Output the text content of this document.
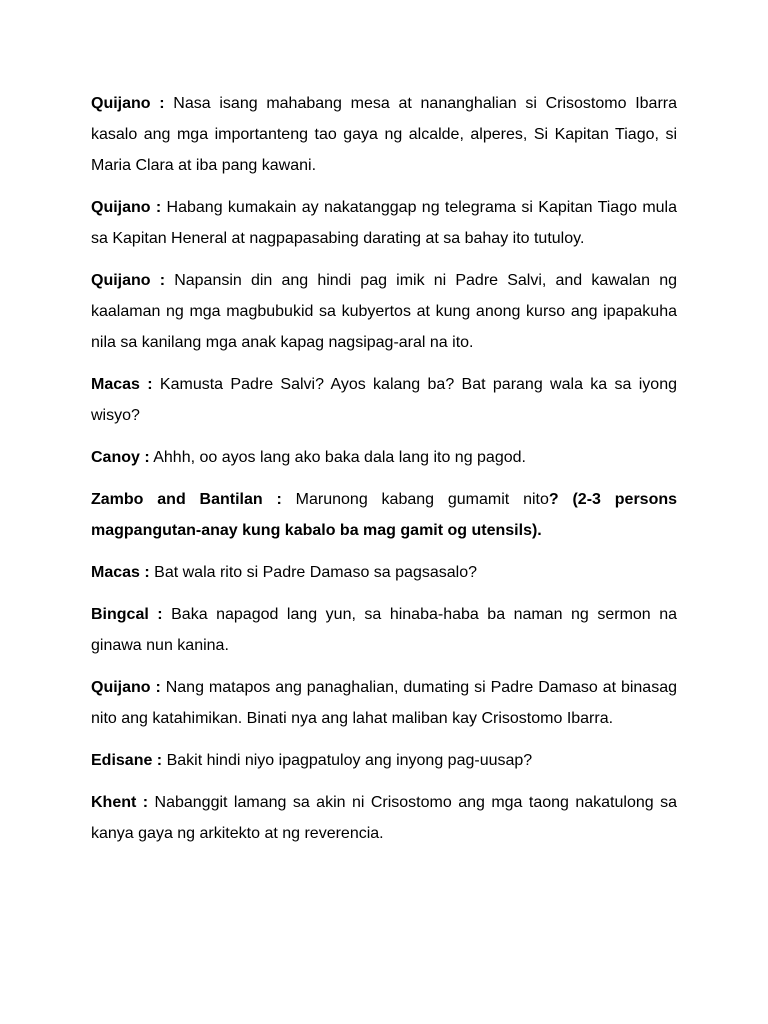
Quijano : Nasa isang mahabang mesa at nananghalian si Crisostomo Ibarra kasalo ang mga importanteng tao gaya ng alcalde, alperes, Si Kapitan Tiago, si Maria Clara at iba pang kawani.

Quijano : Habang kumakain ay nakatanggap ng telegrama si Kapitan Tiago mula sa Kapitan Heneral at nagpapasabing darating at sa bahay ito tutuloy.

Quijano : Napansin din ang hindi pag imik ni Padre Salvi, and kawalan ng kaalaman ng mga magbubukid sa kubyertos at kung anong kurso ang ipapakuha nila sa kanilang mga anak kapag nagsipag-aral na ito.

Macas : Kamusta Padre Salvi? Ayos kalang ba? Bat parang wala ka sa iyong wisyo?

Canoy : Ahhh, oo ayos lang ako baka dala lang ito ng pagod.

Zambo and Bantilan : Marunong kabang gumamit nito? (2-3 persons magpangutan-anay kung kabalo ba mag gamit og utensils).

Macas : Bat wala rito si Padre Damaso sa pagsasalo?

Bingcal : Baka napagod lang yun, sa hinaba-haba ba naman ng sermon na ginawa nun kanina.

Quijano : Nang matapos ang panaghalian, dumating si Padre Damaso at binasag nito ang katahimikan. Binati nya ang lahat maliban kay Crisostomo Ibarra.

Edisane : Bakit hindi niyo ipagpatuloy ang inyong pag-uusap?

Khent : Nabanggit lamang sa akin ni Crisostomo ang mga taong nakatulong sa kanya gaya ng arkitekto at ng reverencia.
